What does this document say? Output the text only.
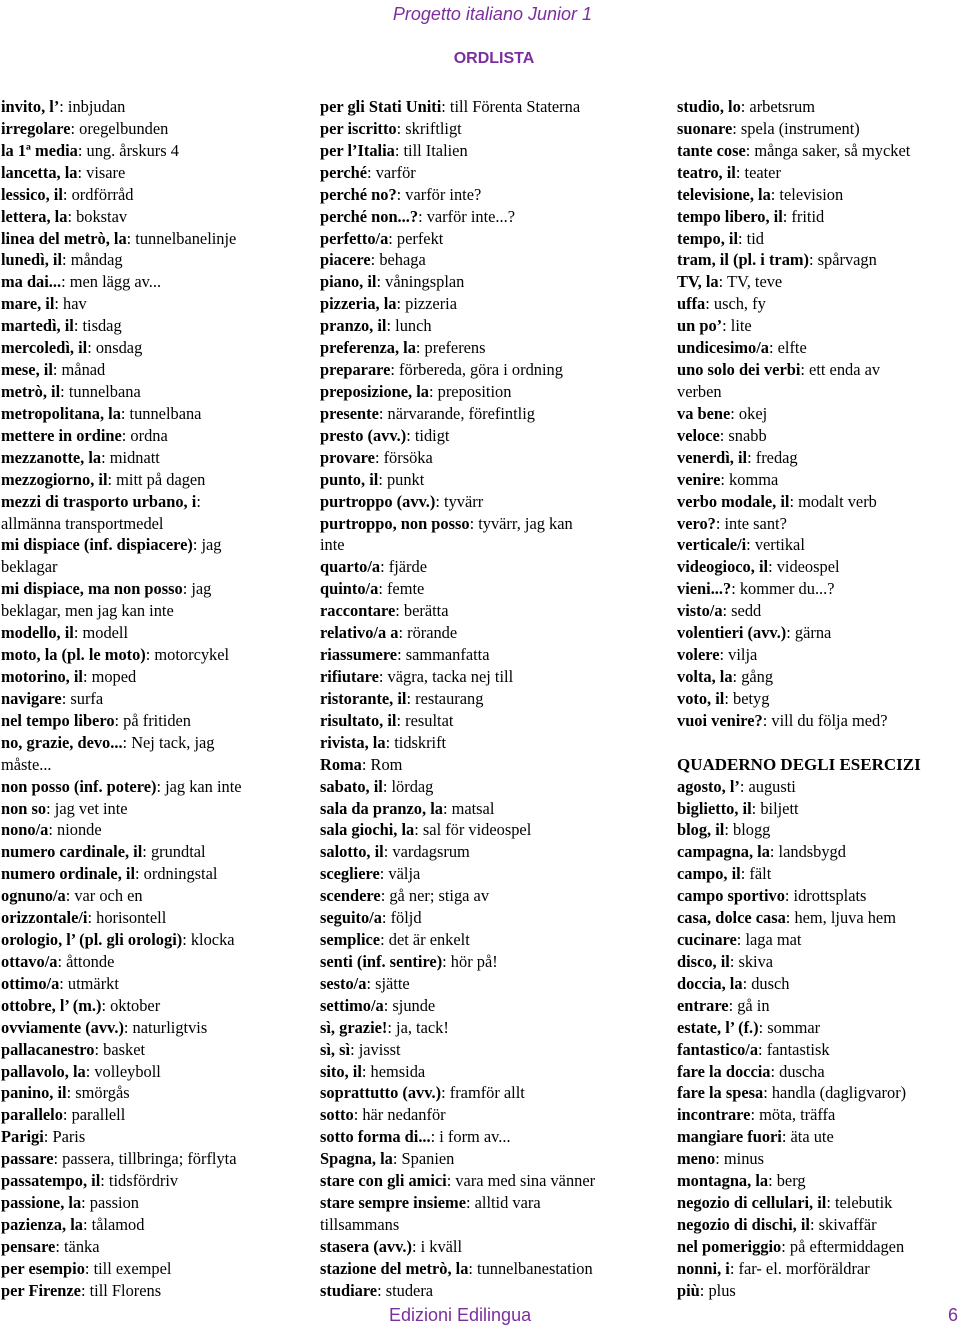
Progetto italiano Junior 1
ORDLISTA
invito, l’: inbjudan
irregolare: oregelbunden
la 1ª media: ung. årskurs 4
lancetta, la: visare
lessico, il: ordförråd
lettera, la: bokstav
linea del metrò, la: tunnelbanelinje
lunedì, il: måndag
ma dai...: men lägg av...
mare, il: hav
martedì, il: tisdag
mercoledì, il: onsdag
mese, il: månad
metrò, il: tunnelbana
metropolitana, la: tunnelbana
mettere in ordine: ordna
mezzanotte, la: midnatt
mezzogiorno, il: mitt på dagen
mezzi di trasporto urbano, i:
allmänna transportmedel
mi dispiace (inf. dispiacere): jag
beklagar
mi dispiace, ma non posso: jag
beklagar, men jag kan inte
modello, il: modell
moto, la (pl. le moto): motorcykel
motorino, il: moped
navigare: surfa
nel tempo libero: på fritiden
no, grazie, devo...: Nej tack, jag
måste...
non posso (inf. potere): jag kan inte
non so: jag vet inte
nono/a: nionde
numero cardinale, il: grundtal
numero ordinale, il: ordningstal
ognuno/a: var och en
orizzontale/i: horisontell
orologio, l’ (pl. gli orologi): klocka
ottavo/a: åttonde
ottimo/a: utmärkt
ottobre, l’ (m.): oktober
ovviamente (avv.): naturligtvis
pallacanestro: basket
pallavolo, la: volleyboll
panino, il: smörgås
parallelo: parallell
Parigi: Paris
passare: passera, tillbringa; förflyta
passatempo, il: tidsfördriv
passione, la: passion
pazienza, la: tålamod
pensare: tänka
per esempio: till exempel
per Firenze: till Florens
per gli Stati Uniti: till Förenta Staterna
per iscritto: skriftligt
per l’Italia: till Italien
perché: varför
perché no?: varför inte?
perché non...?: varför inte...?
perfetto/a: perfekt
piacere: behaga
piano, il: våningsplan
pizzeria, la: pizzeria
pranzo, il: lunch
preferenza, la: preferens
preparare: förbereda, göra i ordning
preposizione, la: preposition
presente: närvarande, förefintlig
presto (avv.): tidigt
provare: försöka
punto, il: punkt
purtroppo (avv.): tyvärr
purtroppo, non posso: tyvärr, jag kan
inte
quarto/a: fjärde
quinto/a: femte
raccontare: berätta
relativo/a a: rörande
riassumere: sammanfatta
rifiutare: vägra, tacka nej till
ristorante, il: restaurang
risultato, il: resultat
rivista, la: tidskrift
Roma: Rom
sabato, il: lördag
sala da pranzo, la: matsal
sala giochi, la: sal för videospel
salotto, il: vardagsrum
scegliere: välja
scendere: gå ner; stiga av
seguito/a: följd
semplice: det är enkelt
senti (inf. sentire): hör på!
sesto/a: sjätte
settimo/a: sjunde
sì, grazie!: ja, tack!
sì, sì: javisst
sito, il: hemsida
soprattutto (avv.): framför allt
sotto: här nedanför
sotto forma di...: i form av...
Spagna, la: Spanien
stare con gli amici: vara med sina vänner
stare sempre insieme: alltid vara
tillsammans
stasera (avv.): i kväll
stazione del metrò, la: tunnelbanestation
studiare: studera
studio, lo: arbetsrum
suonare: spela (instrument)
tante cose: många saker, så mycket
teatro, il: teater
televisione, la: television
tempo libero, il: fritid
tempo, il: tid
tram, il (pl. i tram): spårvagn
TV, la: TV, teve
uffa: usch, fy
un po’: lite
undicesimo/a: elfte
uno solo dei verbi: ett enda av
verben
va bene: okej
veloce: snabb
venerdì, il: fredag
venire: komma
verbo modale, il: modalt verb
vero?: inte sant?
verticale/i: vertikal
videogioco, il: videospel
vieni...?: kommer du...?
visto/a: sedd
volentieri (avv.): gärna
volere: vilja
volta, la: gång
voto, il: betyg
vuoi venire?: vill du följa med?
QUADERNO DEGLI ESERCIZI
agosto, l’: augusti
biglietto, il: biljett
blog, il: blogg
campagna, la: landsbygd
campo, il: fält
campo sportivo: idrottsplats
casa, dolce casa: hem, ljuva hem
cucinare: laga mat
disco, il: skiva
doccia, la: dusch
entrare: gå in
estate, l’ (f.): sommar
fantastico/a: fantastisk
fare la doccia: duscha
fare la spesa: handla (dagligvaror)
incontrare: möta, träffa
mangiare fuori: äta ute
meno: minus
montagna, la: berg
negozio di cellulari, il: telebutik
negozio di dischi, il: skivaffär
nel pomeriggio: på eftermiddagen
nonni, i: far- el. morföräldrar
più: plus
Edizioni Edilingua	6
